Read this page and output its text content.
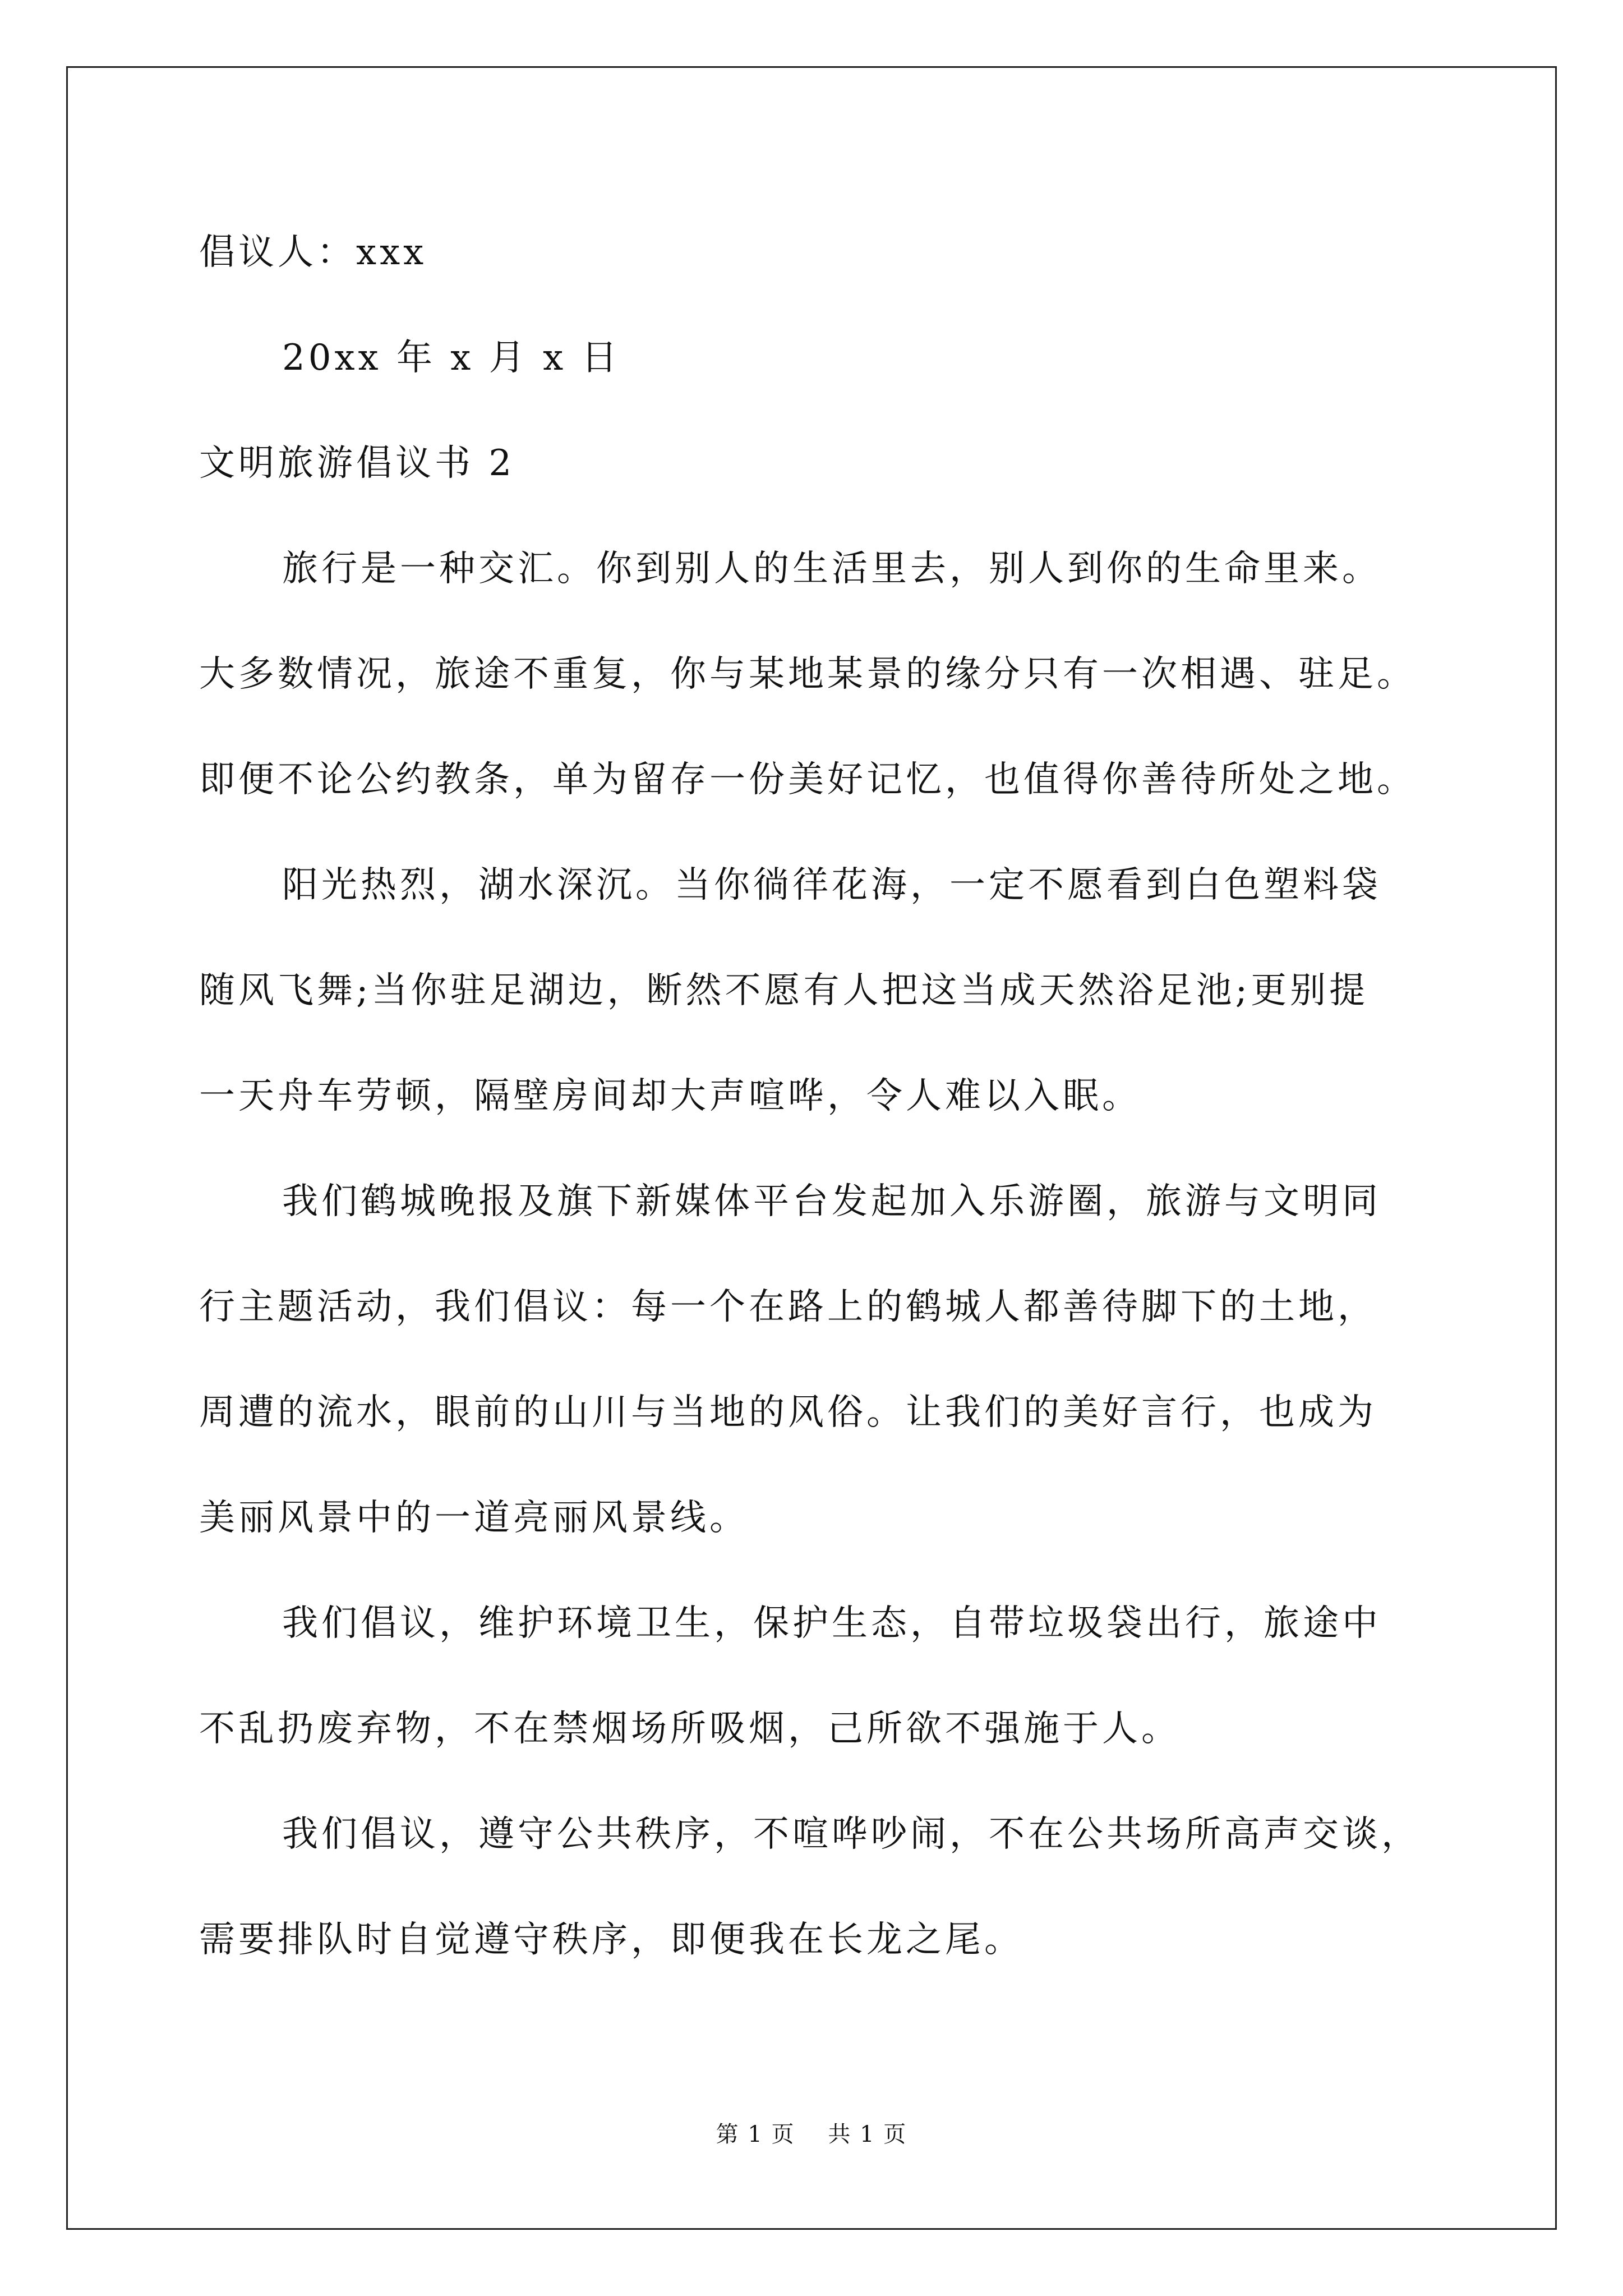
倡议人：xxx
20xx 年 x 月 x 日
文明旅游倡议书 2
旅行是一种交汇。你到别人的生活里去，别人到你的生命里来。
大多数情况，旅途不重复，你与某地某景的缘分只有一次相遇、驻足。
即便不论公约教条，单为留存一份美好记忆，也值得你善待所处之地。
阳光热烈，湖水深沉。当你徜徉花海，一定不愿看到白色塑料袋
随风飞舞;当你驻足湖边，断然不愿有人把这当成天然浴足池;更别提
一天舟车劳顿，隔壁房间却大声喧哗，令人难以入眠。
我们鹤城晚报及旗下新媒体平台发起加入乐游圈，旅游与文明同
行主题活动，我们倡议：每一个在路上的鹤城人都善待脚下的土地，
周遭的流水，眼前的山川与当地的风俗。让我们的美好言行，也成为
美丽风景中的一道亮丽风景线。
我们倡议，维护环境卫生，保护生态，自带垃圾袋出行，旅途中
不乱扔废弃物，不在禁烟场所吸烟，己所欲不强施于人。
我们倡议，遵守公共秩序，不喧哗吵闹，不在公共场所高声交谈，
需要排队时自觉遵守秩序，即便我在长龙之尾。
第 1 页 共 1 页
